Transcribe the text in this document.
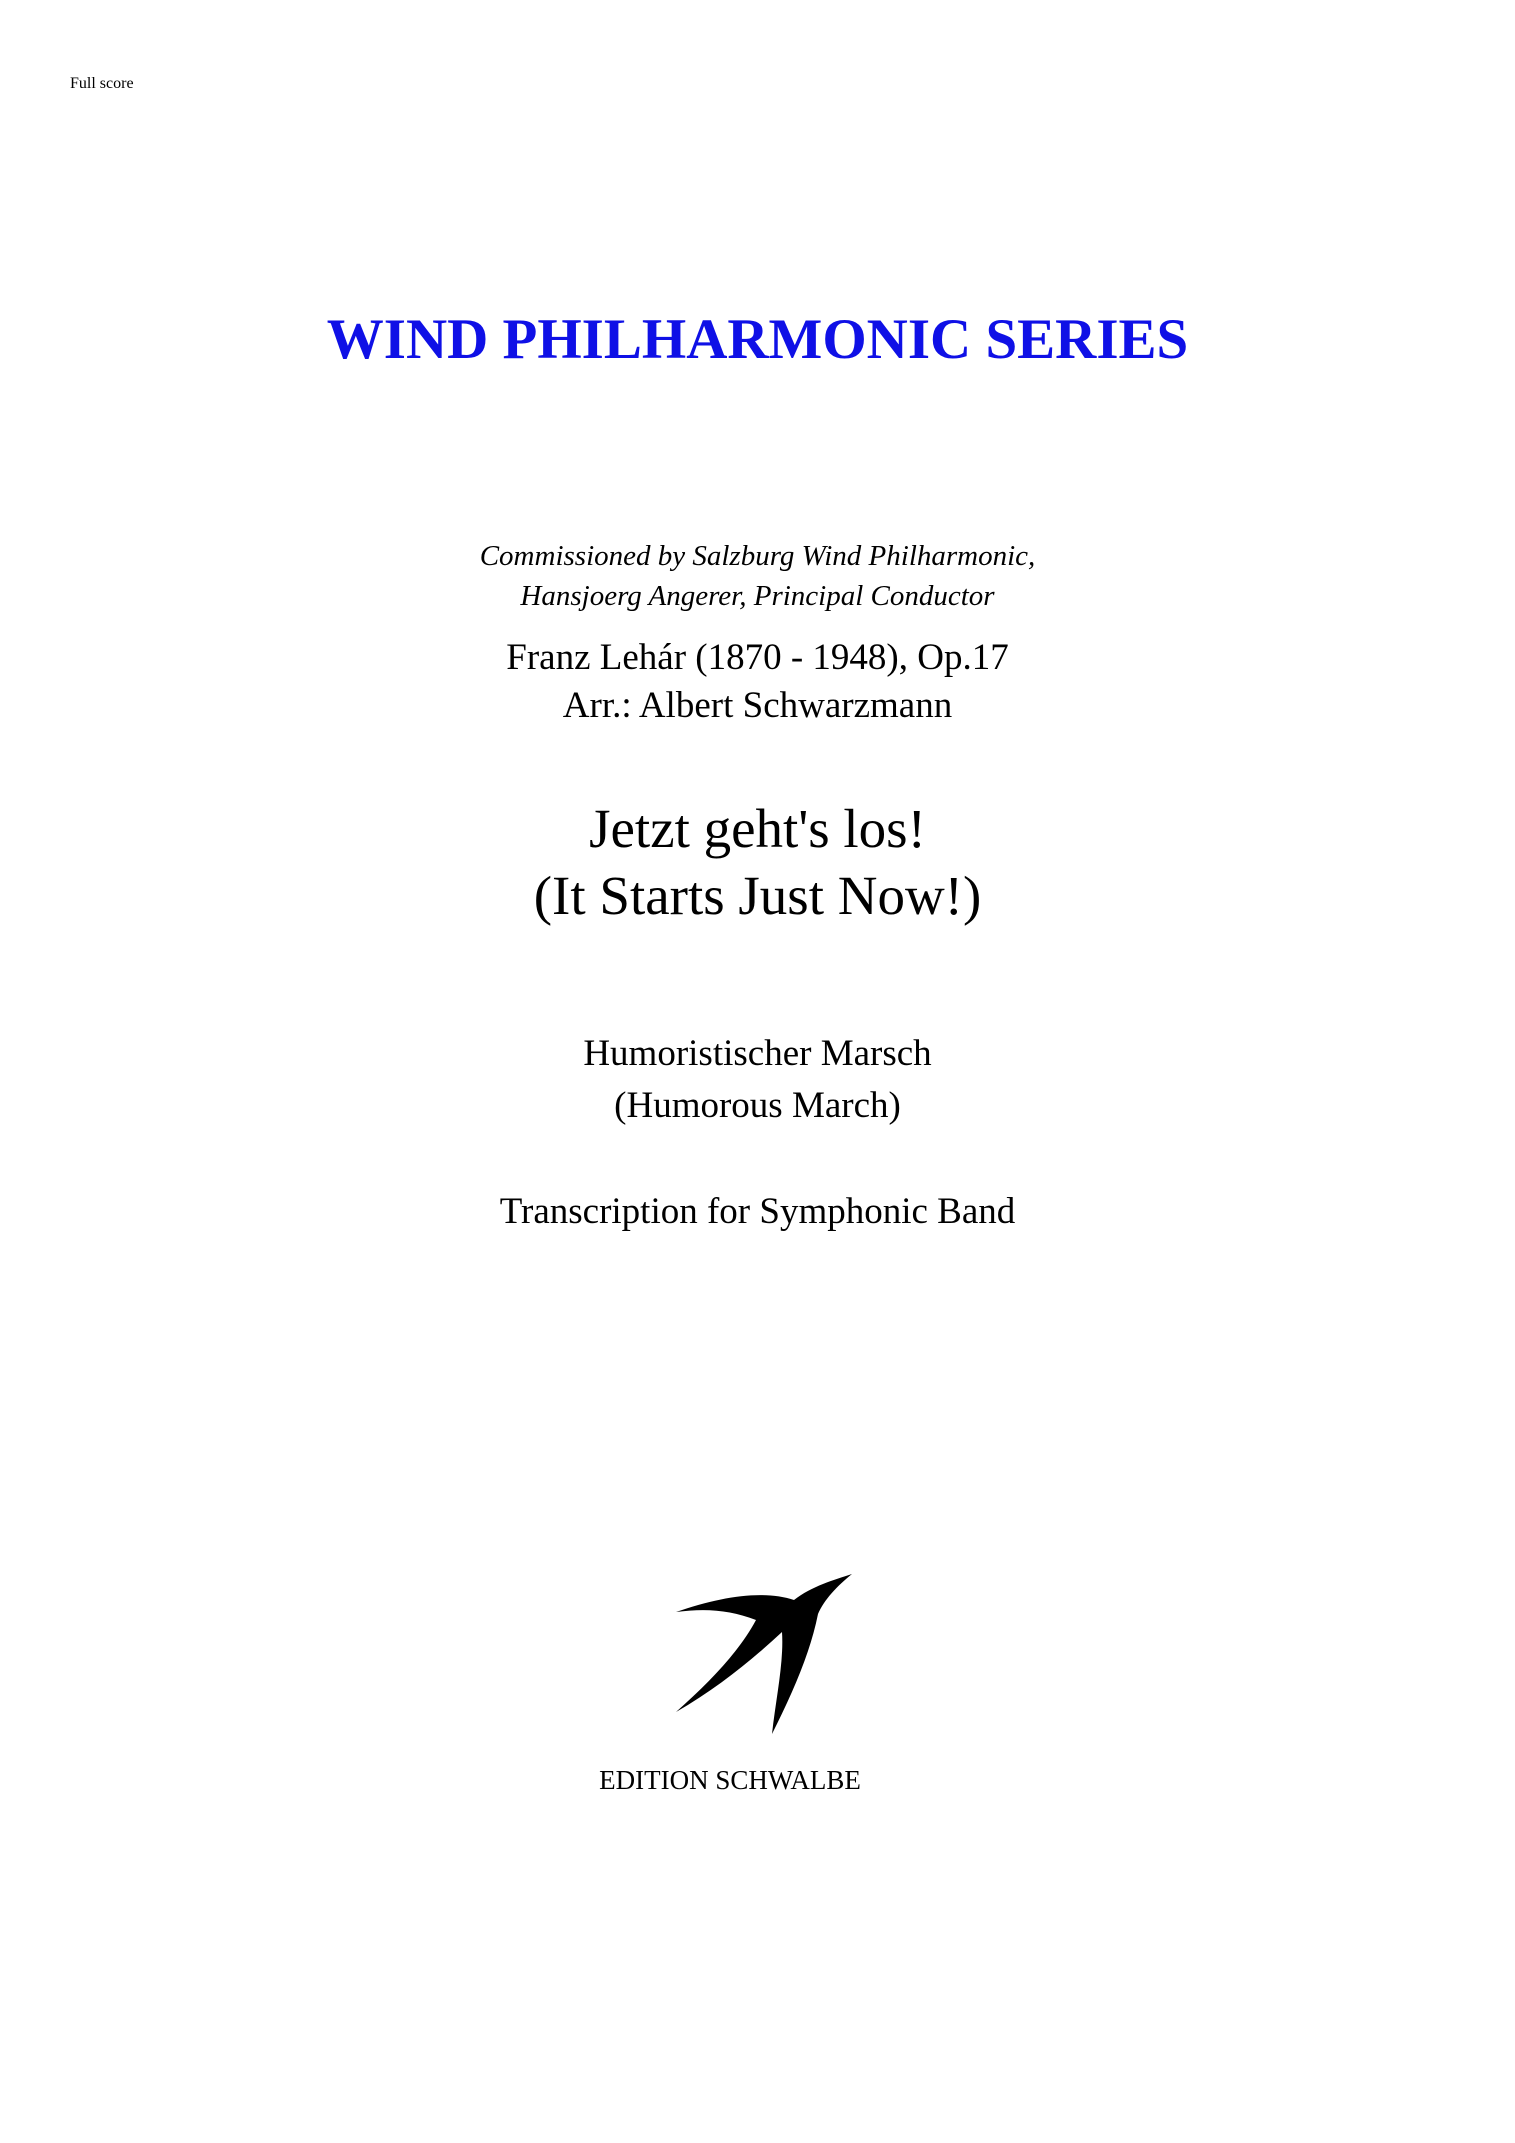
Full score
WIND PHILHARMONIC SERIES
Commissioned by Salzburg Wind Philharmonic,
Hansjoerg Angerer, Principal Conductor
Franz Lehár (1870 - 1948), Op.17
Arr.: Albert Schwarzmann
Jetzt geht's los!
(It Starts Just Now!)
Humoristischer Marsch
(Humorous March)
Transcription for Symphonic Band
EDITION SCHWALBE
